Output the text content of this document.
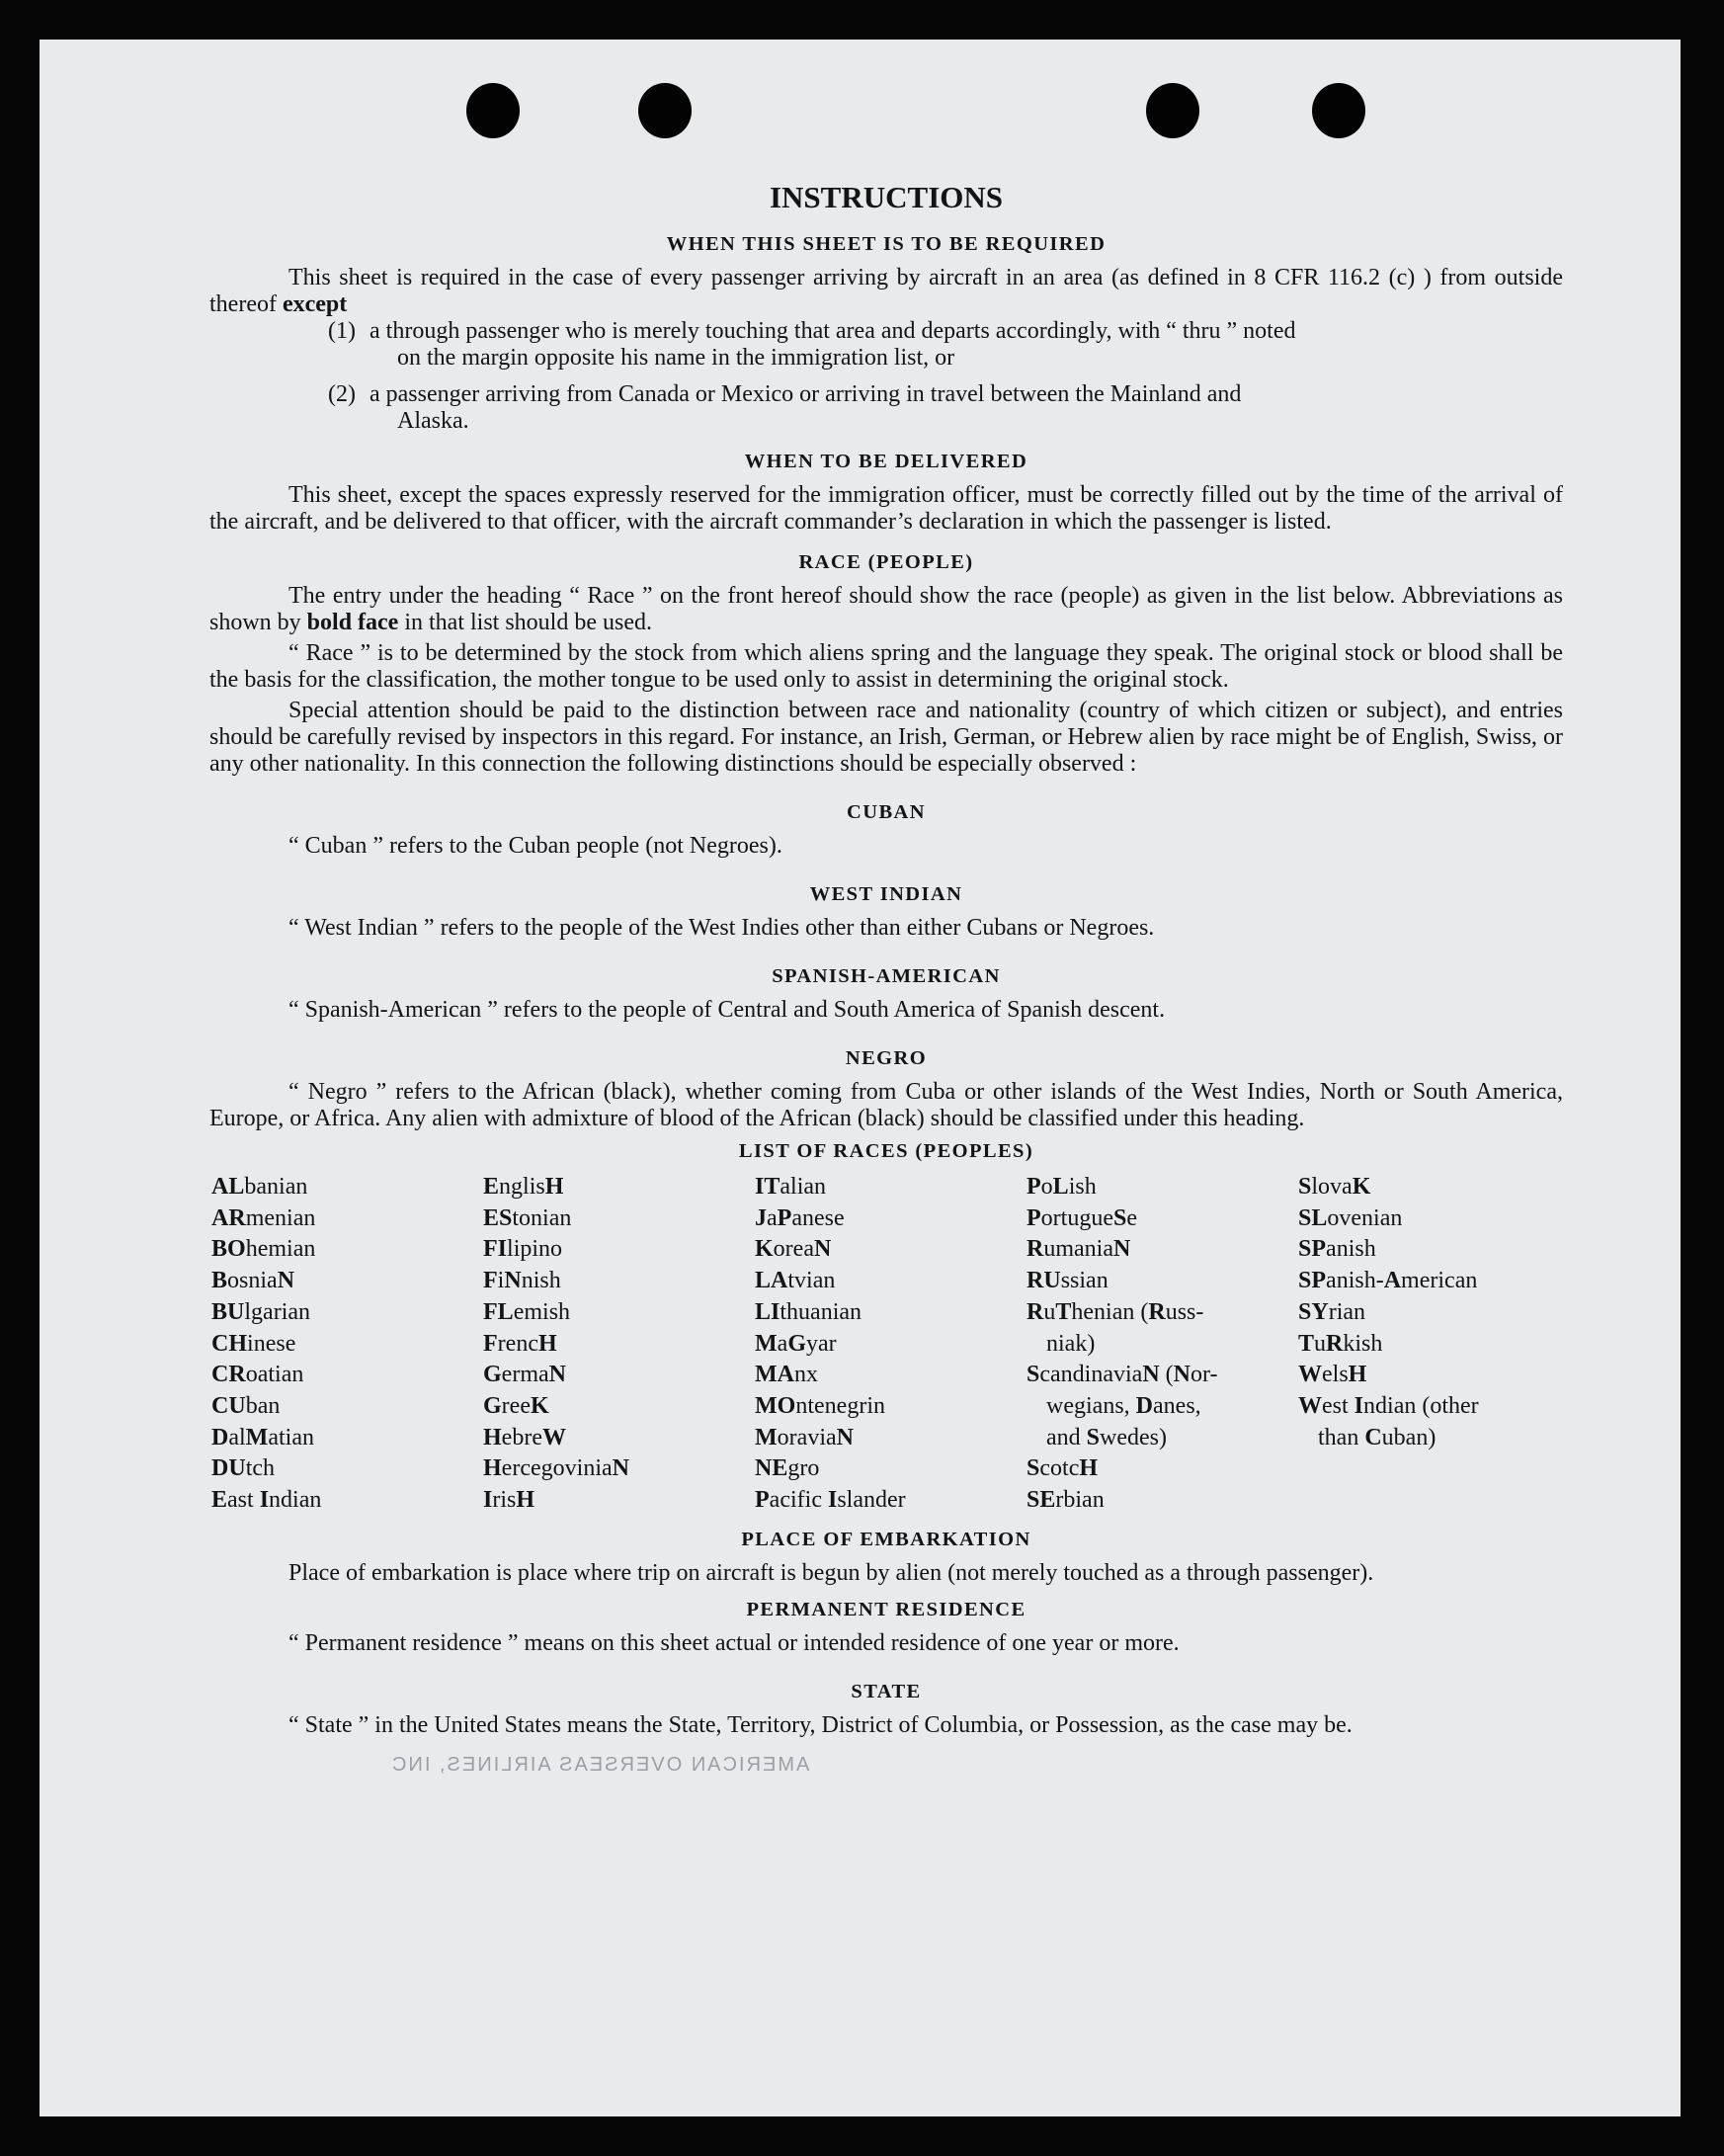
AMERICAN OVERSEAS AIRLINES, INC
INSTRUCTIONS
WHEN THIS SHEET IS TO BE REQUIRED

This sheet is required in the case of every passenger arriving by aircraft in an area (as defined in 8 CFR 116.2 (c) ) from outside thereof except

(1) a through passenger who is merely touching that area and departs accordingly, with “ thru ” noted
on the margin opposite his name in the immigration list, or
(2) a passenger arriving from Canada or Mexico or arriving in travel between the Mainland and
Alaska.
WHEN TO BE DELIVERED

This sheet, except the spaces expressly reserved for the immigration officer, must be correctly filled out by the time of the arrival of the aircraft, and be delivered to that officer, with the aircraft commander’s declaration in which the passenger is listed.

RACE (PEOPLE)

The entry under the heading “ Race ” on the front hereof should show the race (people) as given in the list below. Abbreviations as shown by bold face in that list should be used.

“ Race ” is to be determined by the stock from which aliens spring and the language they speak. The original stock or blood shall be the basis for the classification, the mother tongue to be used only to assist in determining the original stock.

Special attention should be paid to the distinction between race and nationality (country of which citizen or subject), and entries should be carefully revised by inspectors in this regard. For instance, an Irish, German, or Hebrew alien by race might be of English, Swiss, or any other nationality. In this connection the following distinctions should be especially observed :

CUBAN

“ Cuban ” refers to the Cuban people (not Negroes).

WEST INDIAN

“ West Indian ” refers to the people of the West Indies other than either Cubans or Negroes.

SPANISH-AMERICAN

“ Spanish-American ” refers to the people of Central and South America of Spanish descent.

NEGRO

“ Negro ” refers to the African (black), whether coming from Cuba or other islands of the West Indies, North or South America, Europe, or Africa. Any alien with admixture of blood of the African (black) should be classified under this heading.

LIST OF RACES (PEOPLES)
ALbanian
ARmenian
BOhemian
BosniaN
BUlgarian
CHinese
CRoatian
CUban
DalMatian
DUtch
East Indian
EnglisH
EStonian
FIlipino
FiNnish
FLemish
FrencH
GermaN
GreeK
HebreW
HercegoviniaN
IrisH
ITalian
JaPanese
KoreaN
LAtvian
LIthuanian
MaGyar
MAnx
MOntenegrin
MoraviaN
NEgro
Pacific Islander
PoLish
PortugueSe
RumaniaN
RUssian
RuThenian (Russ-
niak)
ScandinaviaN (Nor-
wegians, Danes,
and Swedes)
ScotcH
SErbian
SlovaK
SLovenian
SPanish
SPanish-American
SYrian
TuRkish
WelsH
West Indian (other
than Cuban)
PLACE OF EMBARKATION

Place of embarkation is place where trip on aircraft is begun by alien (not merely touched as a through passenger).

PERMANENT RESIDENCE

“ Permanent residence ” means on this sheet actual or intended residence of one year or more.

STATE

“ State ” in the United States means the State, Territory, District of Columbia, or Possession, as the case may be.
